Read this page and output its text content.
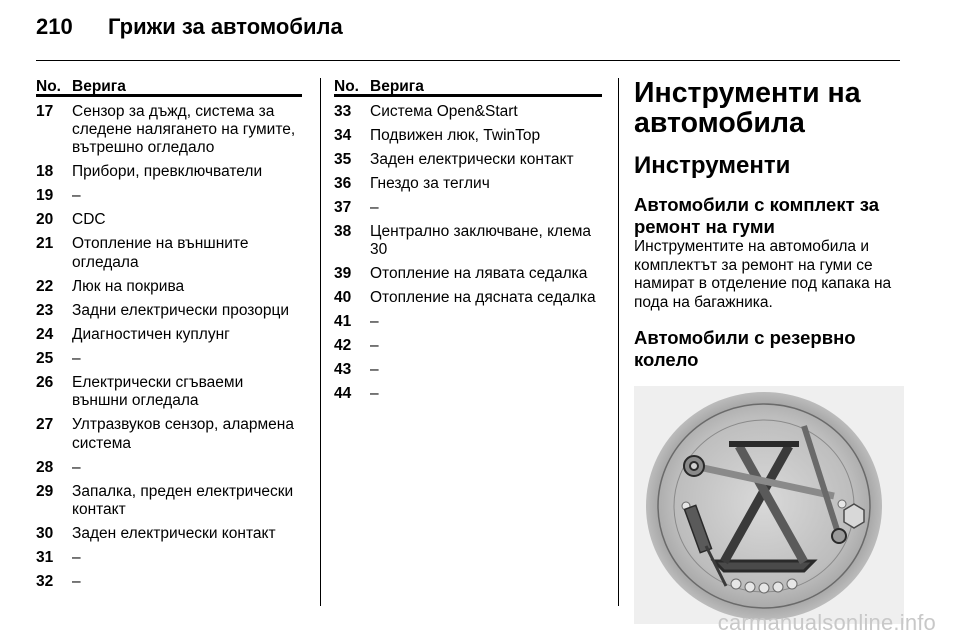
210	Грижи за автомобила
No. Верига
17	Сензор за дъжд, система за следене налягането на гумите, вътрешно огледало
18	Прибори, превключватели
19	–
20	CDC
21	Отопление на външните огледала
22	Люк на покрива
23	Задни електрически прозорци
24	Диагностичен куплунг
25	–
26	Електрически сгъваеми външни огледала
27	Ултразвуков сензор, алармена система
28	–
29	Запалка, преден електрически контакт
30	Заден електрически контакт
31	–
32	–
No. Верига
33	Система Open&Start
34	Подвижен люк, TwinTop
35	Заден електрически контакт
36	Гнездо за теглич
37	–
38	Централно заключване, клема 30
39	Отопление на лявата седалка
40	Отопление на дясната седалка
41	–
42	–
43	–
44	–
Инструменти на автомобила
Инструменти
Автомобили с комплект за ремонт на гуми
Инструментите на автомобила и комплектът за ремонт на гуми се намират в отделение под капака на пода на багажника.
Автомобили с резервно колело
carmanualsonline.info
